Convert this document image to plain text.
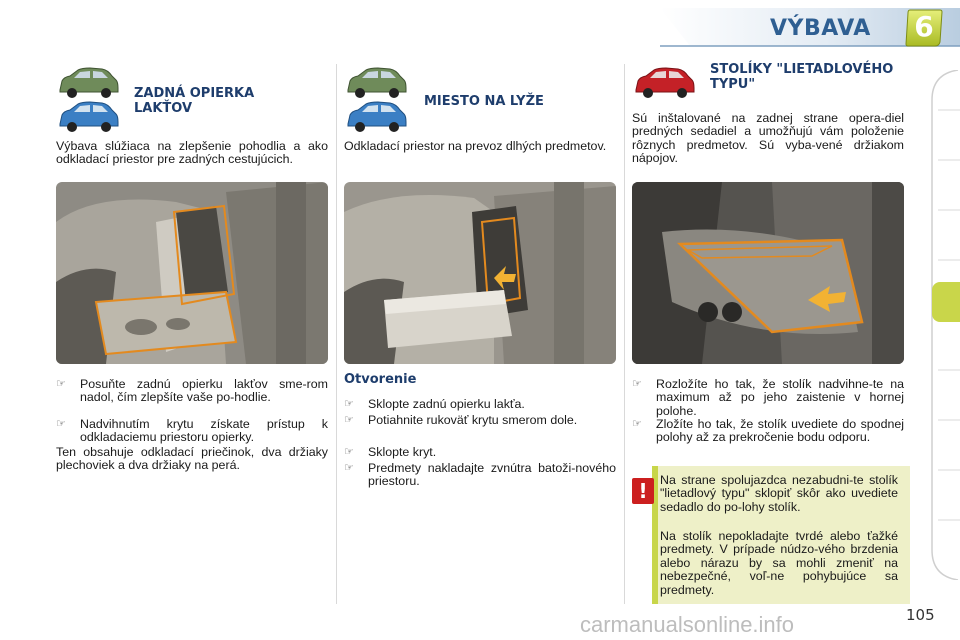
VÝBAVA	6
ZADNÁ OPIERKA LAKŤOV
Výbava slúžiaca na zlepšenie pohodlia a ako odkladací priestor pre zadných cestujúcich.
☞ Posuňte zadnú opierku lakťov sme-rom nadol, čím zlepšíte vaše po-hodlie.
☞ Nadvihnutím krytu získate prístup k odkladaciemu priestoru opierky.
Ten obsahuje odkladací priečinok, dva držiaky plechoviek a dva držiaky na perá.
MIESTO NA LYŽE
Odkladací priestor na prevoz dlhých predmetov.
Otvorenie
☞ Sklopte zadnú opierku lakťa.
☞ Potiahnite rukoväť krytu smerom dole.
☞ Sklopte kryt.
☞ Predmety nakladajte zvnútra batoži-nového priestoru.
STOLÍKY "LIETADLOVÉHO TYPU"
Sú inštalované na zadnej strane opera-diel predných sedadiel a umožňujú vám položenie rôznych predmetov. Sú vyba-vené držiakom nápojov.
☞ Rozložíte ho tak, že stolík nadvihne-te na maximum až po jeho zaistenie v hornej polohe.
☞ Zložíte ho tak, že stolík uvediete do spodnej polohy až za prekročenie bodu odporu.
!	Na strane spolujazdca nezabudni-te stolík "lietadlový typu" sklopiť skôr ako uvediete sedadlo do po-lohy stolík.
Na stolík nepokladajte tvrdé alebo ťažké predmety. V prípade núdzo-vého brzdenia alebo nárazu by sa mohli zmeniť na nebezpečné, voľ-ne pohybujúce sa predmety.
carmanualsonline.info	105
